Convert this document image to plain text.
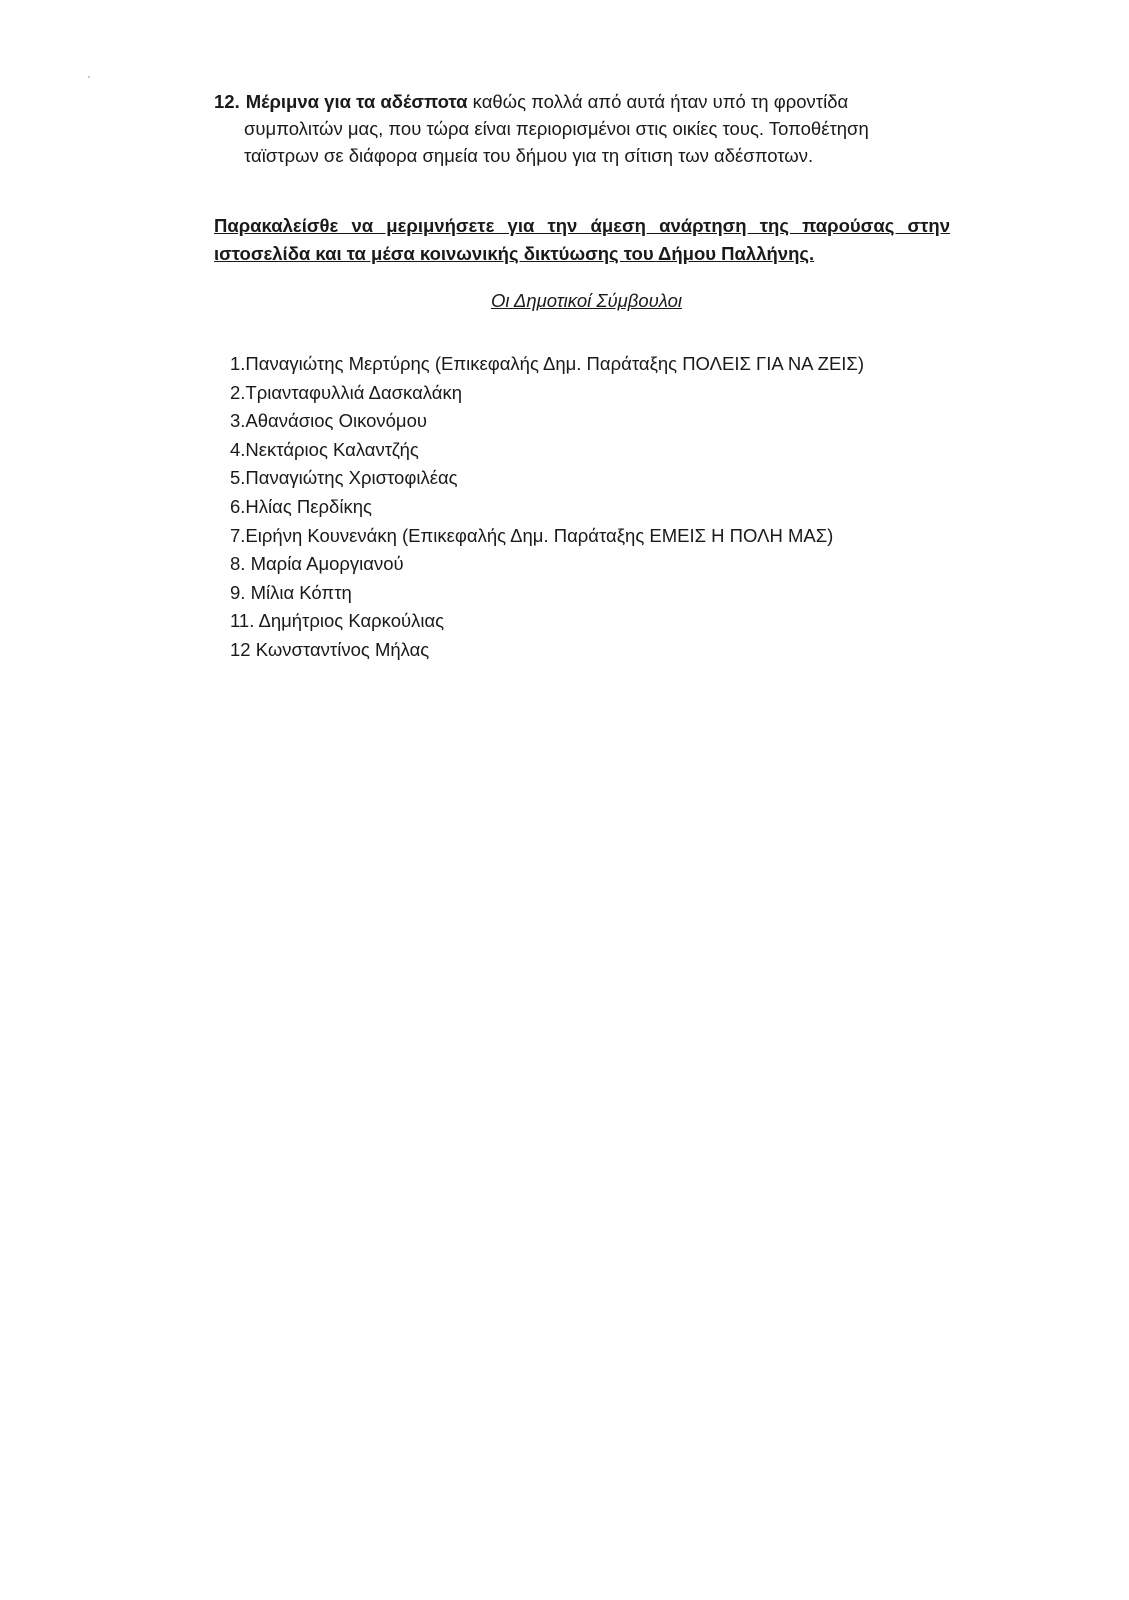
12. Μέριμνα για τα αδέσποτα καθώς πολλά από αυτά ήταν υπό τη φροντίδα
συμπολιτών μας, που τώρα είναι περιορισμένοι στις οικίες τους. Τοποθέτηση
ταϊστρων σε διάφορα σημεία του δήμου για τη σίτιση των αδέσποτων.
Παρακαλείσθε να μεριμνήσετε για την άμεση ανάρτηση της παρούσας στην ιστοσελίδα και τα μέσα κοινωνικής δικτύωσης του Δήμου Παλλήνης.
Οι Δημοτικοί Σύμβουλοι
1.Παναγιώτης Μερτύρης (Επικεφαλής Δημ. Παράταξης ΠΟΛΕΙΣ ΓΙΑ ΝΑ ΖΕΙΣ)
2.Τριανταφυλλιά Δασκαλάκη
3.Αθανάσιος Οικονόμου
4.Νεκτάριος Καλαντζής
5.Παναγιώτης Χριστοφιλέας
6.Ηλίας Περδίκης
7.Ειρήνη Κουνενάκη (Επικεφαλής Δημ. Παράταξης ΕΜΕΙΣ Η ΠΟΛΗ ΜΑΣ)
8. Μαρία Αμοργιανού
9. Μίλια Κόπτη
11. Δημήτριος Καρκούλιας
12 Κωνσταντίνος Μήλας
